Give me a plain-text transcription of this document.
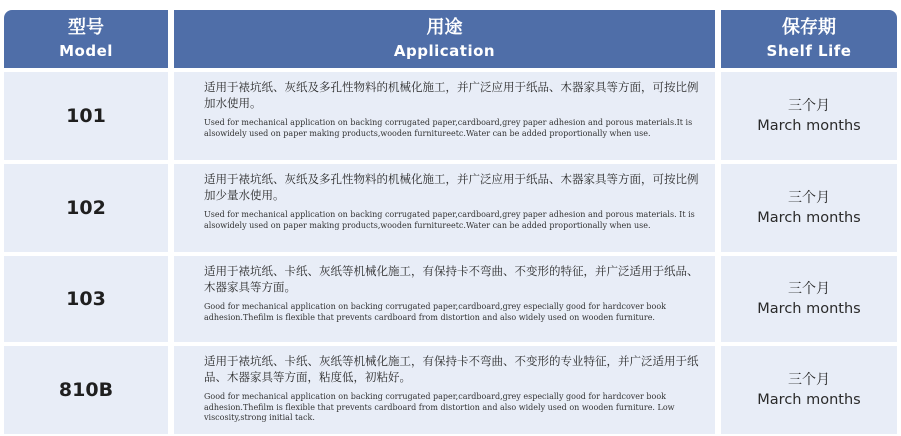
型号
Model
用途
Application
保存期
Shelf Life
101

适用于裱坑纸、灰纸及多孔性物料的机械化施工，并广泛应用于纸品、木器家具等方面，可按比例加水使用。

Used for mechanical application on backing corrugated paper,cardboard,grey paper adhesion and porous materials.It is alsowidely used on paper making products,wooden furnitureetc.Water can be added proportionally when use.

三个月
March months
102

适用于裱坑纸、灰纸及多孔性物料的机械化施工，并广泛应用于纸品、木器家具等方面，可按比例加少量水使用。

Used for mechanical application on backing corrugated paper,cardboard,grey paper adhesion and porous materials. It is alsowidely used on paper making products,wooden furnitureetc.Water can be added proportionally when use.

三个月
March months
103

适用于裱坑纸、卡纸、灰纸等机械化施工，有保持卡不弯曲、不变形的特征，并广泛适用于纸品、木器家具等方面。

Good for mechanical application on backing corrugated paper,cardboard,grey especially good for hardcover book adhesion.Thefilm is flexible that prevents cardboard from distortion and also widely used on wooden furniture.

三个月
March months
810B

适用于裱坑纸、卡纸、灰纸等机械化施工，有保持卡不弯曲、不变形的专业特征，并广泛适用于纸品、木器家具等方面，粘度低，初粘好。

Good for mechanical application on backing corrugated paper,cardboard,grey especially good for hardcover book adhesion.Thefilm is flexible that prevents cardboard from distortion and also widely used on wooden furniture. Low viscosity,strong initial tack.

三个月
March months
